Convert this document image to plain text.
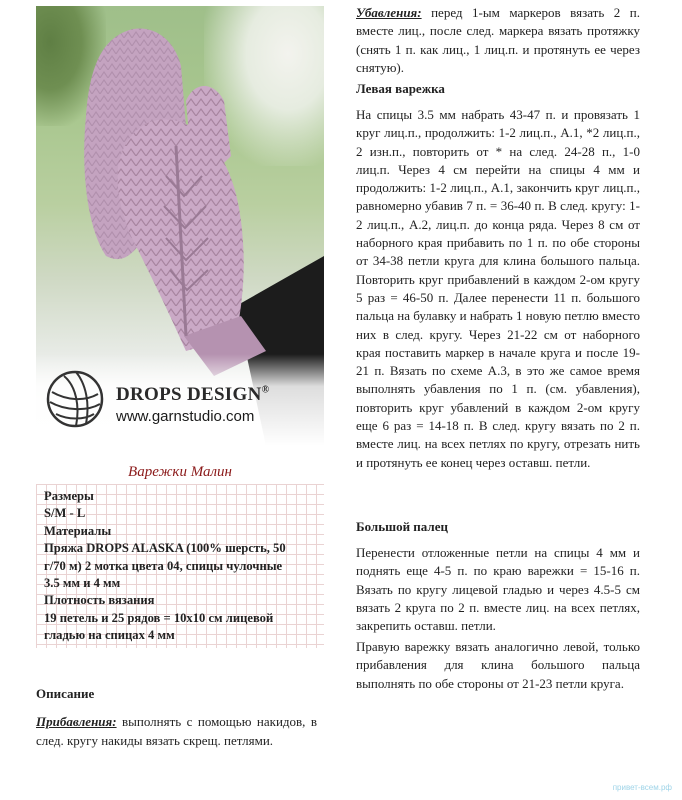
DROPS DESIGN®
www.garnstudio.com
Варежки Малин
Размеры
S/M - L
Материалы
Пряжа DROPS ALASKA (100% шерсть, 50
г/70 м) 2 мотка цвета 04, спицы чулочные
3.5 мм и 4 мм
Плотность вязания
19 петель и 25 рядов = 10х10 см лицевой
гладью на спицах 4 мм
Описание
Прибавления: выполнять с помощью накидов, в след. кругу накиды вязать скрещ. петлями.

Убавления: перед 1-ым маркеров вязать 2 п. вместе лиц., после след. маркера вязать протяжку (снять 1 п. как лиц., 1 лиц.п. и протянуть ее через снятую).

Левая варежка

На спицы 3.5 мм набрать 43-47 п. и провязать 1 круг лиц.п., продолжить: 1-2 лиц.п., А.1, *2 лиц.п., 2 изн.п., повторить от * на след. 24-28 п., 1-0 лиц.п. Через 4 см перейти на спицы 4 мм и продолжить: 1-2 лиц.п., А.1, закончить круг лиц.п., равномерно убавив 7 п. = 36-40 п. В след. кругу: 1-2 лиц.п., А.2, лиц.п. до конца ряда. Через 8 см от наборного края прибавить по 1 п. по обе стороны от 34-38 петли круга для клина большого пальца. Повторить круг прибавлений в каждом 2-ом кругу 5 раз = 46-50 п. Далее перенести 11 п. большого пальца на булавку и набрать 1 новую петлю вместо них в след. кругу. Через 21-22 см от наборного края поставить маркер в начале круга и после 19-21 п. Вязать по схеме А.3, в это же самое время выполнять убавления по 1 п. (см. убавления), повторить круг убавлений в каждом 2-ом кругу еще 6 раз = 14-18 п. В след. кругу вязать по 2 п. вместе лиц. на всех петлях по кругу, отрезать нить и протянуть ее конец через оставш. петли.

Большой палец

Перенести отложенные петли на спицы 4 мм и поднять еще 4-5 п. по краю варежки = 15-16 п. Вязать по кругу лицевой гладью и через 4.5-5 см вязать 2 круга по 2 п. вместе лиц. на всех петлях, закрепить оставш. петли.

Правую варежку вязать аналогично левой, только прибавления для клина большого пальца выполнять по обе стороны от 21-23 петли круга.

привет-всем.рф
